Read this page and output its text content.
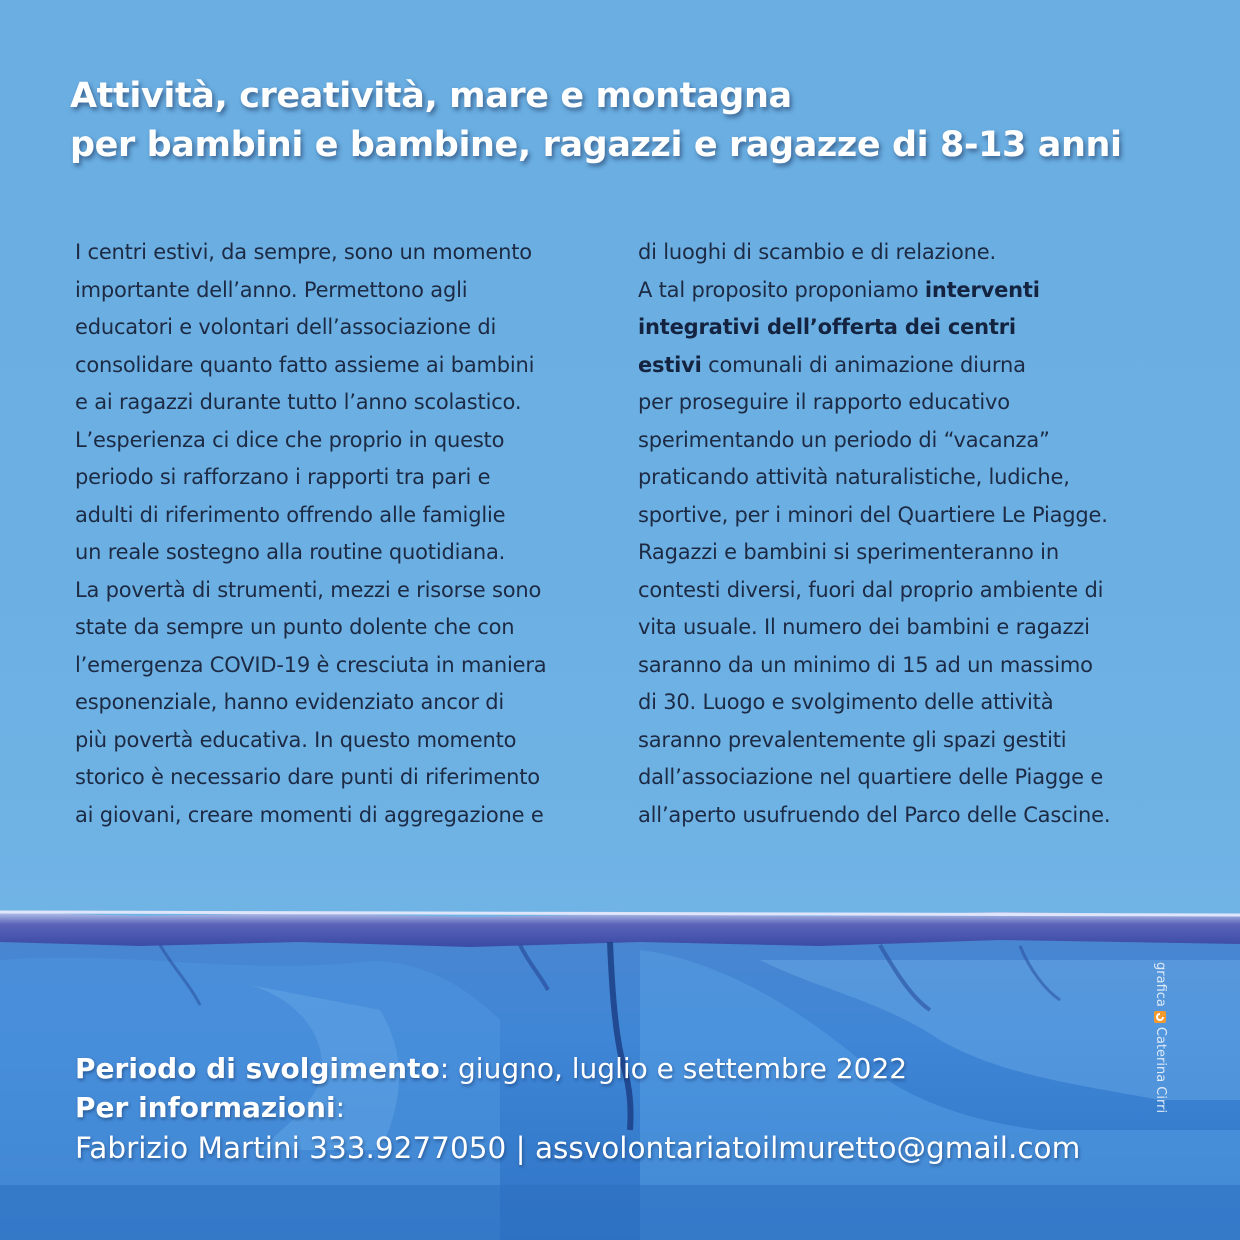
Attività, creatività, mare e montagna
per bambini e bambine, ragazzi e ragazze di 8-13 anni
I centri estivi, da sempre, sono un momento
importante dell’anno. Permettono agli
educatori e volontari dell’associazione di
consolidare quanto fatto assieme ai bambini
e ai ragazzi durante tutto l’anno scolastico.
L’esperienza ci dice che proprio in questo
periodo si rafforzano i rapporti tra pari e
adulti di riferimento offrendo alle famiglie
un reale sostegno alla routine quotidiana.
La povertà di strumenti, mezzi e risorse sono
state da sempre un punto dolente che con
l’emergenza COVID-19 è cresciuta in maniera
esponenziale, hanno evidenziato ancor di
più povertà educativa. In questo momento
storico è necessario dare punti di riferimento
ai giovani, creare momenti di aggregazione e
di luoghi di scambio e di relazione.
A tal proposito proponiamo interventi
integrativi dell’offerta dei centri
estivi comunali di animazione diurna
per proseguire il rapporto educativo
sperimentando un periodo di “vacanza”
praticando attività naturalistiche, ludiche,
sportive, per i minori del Quartiere Le Piagge.
Ragazzi e bambini si sperimenteranno in
contesti diversi, fuori dal proprio ambiente di
vita usuale. Il numero dei bambini e ragazzi
saranno da un minimo di 15 ad un massimo
di 30. Luogo e svolgimento delle attività
saranno prevalentemente gli spazi gestiti
dall’associazione nel quartiere delle Piagge e
all’aperto usufruendo del Parco delle Cascine.
Periodo di svolgimento: giugno, luglio e settembre 2022
Per informazioni:
Fabrizio Martini 333.9277050 | assvolontariatoilmuretto@gmail.com
grafica
Caterina Cirri
